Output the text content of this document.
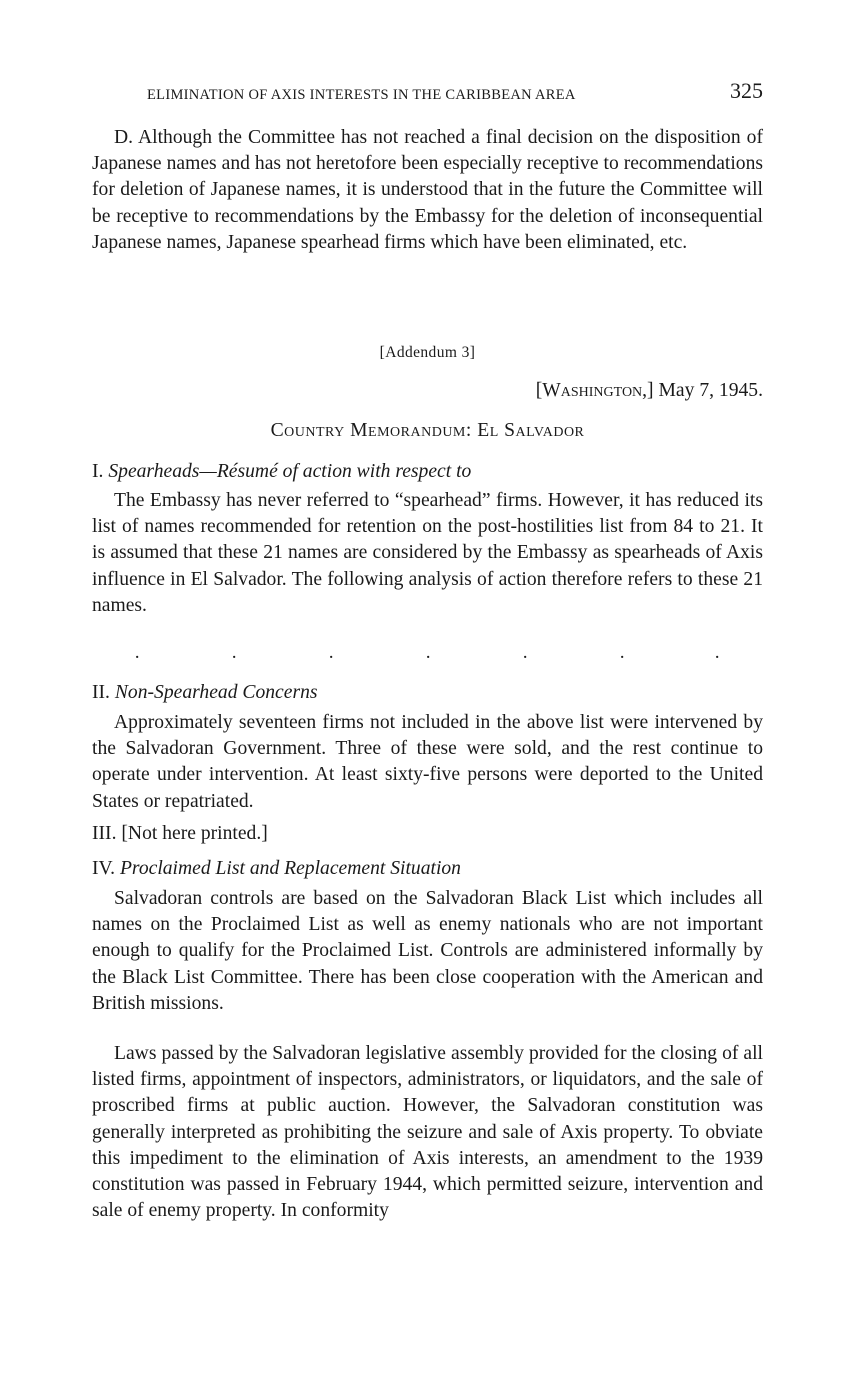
ELIMINATION OF AXIS INTERESTS IN THE CARIBBEAN AREA	325

D. Although the Committee has not reached a final decision on the disposition of Japanese names and has not heretofore been especially receptive to recommendations for deletion of Japanese names, it is understood that in the future the Committee will be receptive to recommendations by the Embassy for the deletion of inconsequential Japanese names, Japanese spearhead firms which have been eliminated, etc.

[Addendum 3]
[Washington,] May 7, 1945.
Country Memorandum: El Salvador
I. Spearheads—Résumé of action with respect to

The Embassy has never referred to “spearhead” firms. However, it has reduced its list of names recommended for retention on the post-hostilities list from 84 to 21. It is assumed that these 21 names are considered by the Embassy as spearheads of Axis influence in El Salvador. The following analysis of action therefore refers to these 21 names.

·	·	·	·	·	·	·
II. Non-Spearhead Concerns

Approximately seventeen firms not included in the above list were intervened by the Salvadoran Government. Three of these were sold, and the rest continue to operate under intervention. At least sixty-five persons were deported to the United States or repatriated.

III. [Not here printed.]
IV. Proclaimed List and Replacement Situation

Salvadoran controls are based on the Salvadoran Black List which includes all names on the Proclaimed List as well as enemy nationals who are not important enough to qualify for the Proclaimed List. Controls are administered informally by the Black List Committee. There has been close cooperation with the American and British missions.

Laws passed by the Salvadoran legislative assembly provided for the closing of all listed firms, appointment of inspectors, administrators, or liquidators, and the sale of proscribed firms at public auction. However, the Salvadoran constitution was generally interpreted as prohibiting the seizure and sale of Axis property. To obviate this impediment to the elimination of Axis interests, an amendment to the 1939 constitution was passed in February 1944, which permitted seizure, intervention and sale of enemy property. In conformity
